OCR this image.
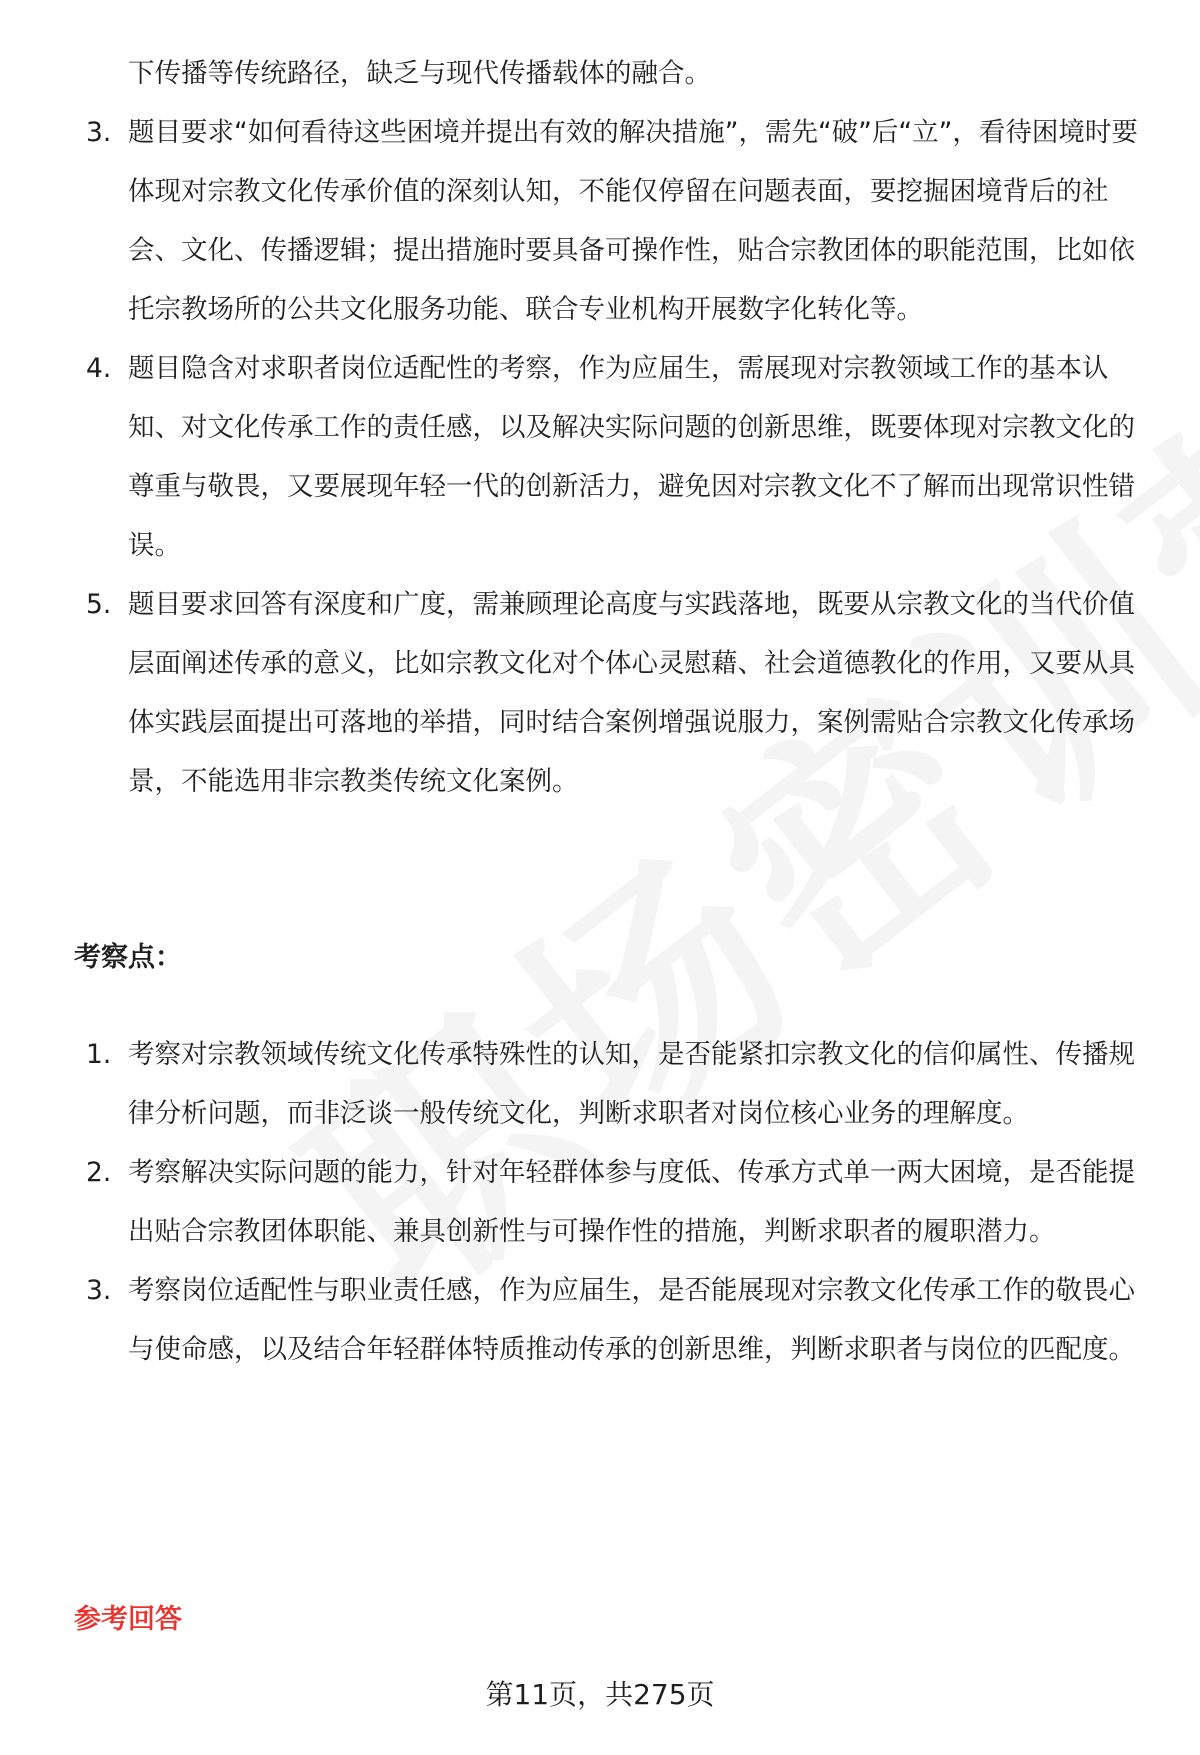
下传播等传统路径，缺乏与现代传播载体的融合。
3. 题目要求“如何看待这些困境并提出有效的解决措施”，需先“破”后“立”，看待困境时要体现对宗教文化传承价值的深刻认知，不能仅停留在问题表面，要挖掘困境背后的社会、文化、传播逻辑；提出措施时要具备可操作性，贴合宗教团体的职能范围，比如依托宗教场所的公共文化服务功能、联合专业机构开展数字化转化等。
4. 题目隐含对求职者岗位适配性的考察，作为应届生，需展现对宗教领域工作的基本认知、对文化传承工作的责任感，以及解决实际问题的创新思维，既要体现对宗教文化的尊重与敬畏，又要展现年轻一代的创新活力，避免因对宗教文化不了解而出现常识性错误。
5. 题目要求回答有深度和广度，需兼顾理论高度与实践落地，既要从宗教文化的当代价值层面阐述传承的意义，比如宗教文化对个体心灵慰藉、社会道德教化的作用，又要从具体实践层面提出可落地的举措，同时结合案例增强说服力，案例需贴合宗教文化传承场景，不能选用非宗教类传统文化案例。
考察点：
1. 考察对宗教领域传统文化传承特殊性的认知，是否能紧扣宗教文化的信仰属性、传播规律分析问题，而非泛谈一般传统文化，判断求职者对岗位核心业务的理解度。
2. 考察解决实际问题的能力，针对年轻群体参与度低、传承方式单一两大困境，是否能提出贴合宗教团体职能、兼具创新性与可操作性的措施，判断求职者的履职潜力。
3. 考察岗位适配性与职业责任感，作为应届生，是否能展现对宗教文化传承工作的敬畏心与使命感，以及结合年轻群体特质推动传承的创新思维，判断求职者与岗位的匹配度。
参考回答
第11页，共275页
